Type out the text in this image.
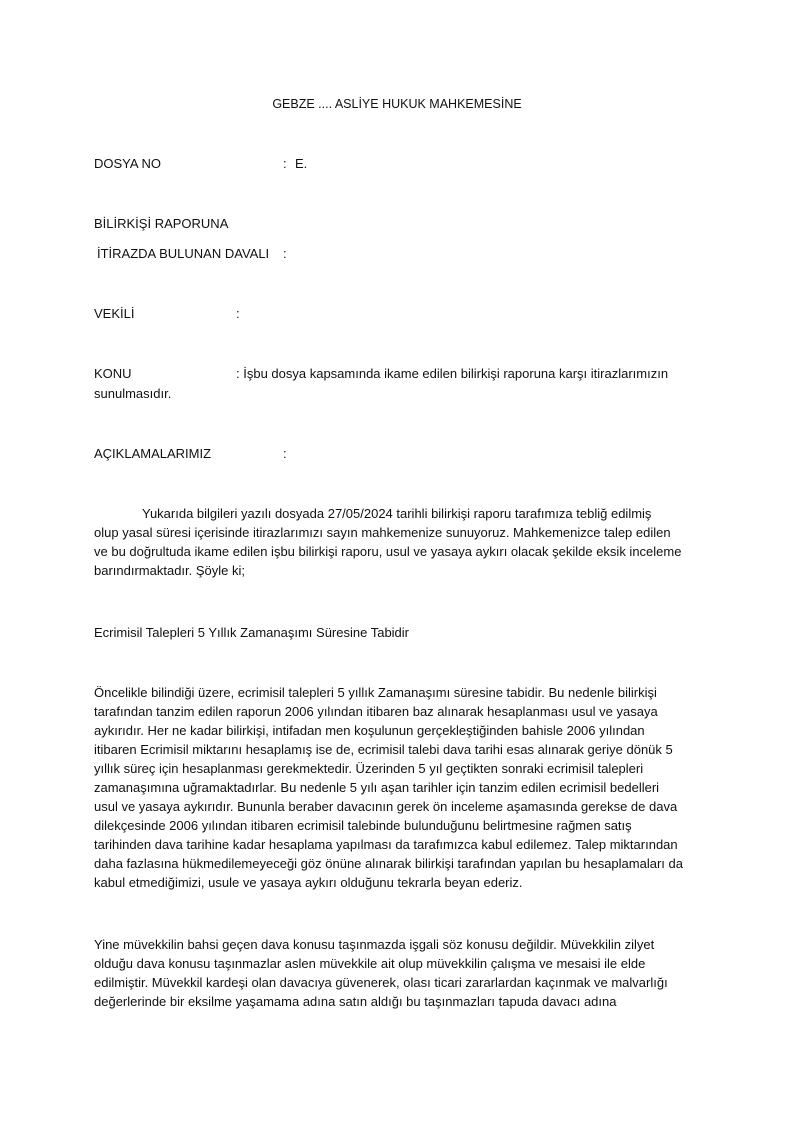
GEBZE .... ASLİYE HUKUK MAHKEMESİNE
DOSYA NO	: E.
BİLİRKİŞİ RAPORUNA
İTİRAZDA BULUNAN DAVALI :
VEKİLİ	:
KONU	: İşbu dosya kapsamında ikame edilen bilirkişi raporuna karşı itirazlarımızın
sunulmasıdır.
AÇIKLAMALARIMIZ	:
Yukarıda bilgileri yazılı dosyada 27/05/2024 tarihli bilirkişi raporu tarafımıza tebliğ edilmiş
olup yasal süresi içerisinde itirazlarımızı sayın mahkemenize sunuyoruz. Mahkemenizce talep edilen
ve bu doğrultuda ikame edilen işbu bilirkişi raporu, usul ve yasaya aykırı olacak şekilde eksik inceleme
barındırmaktadır. Şöyle ki;
Ecrimisil Talepleri 5 Yıllık Zamanaşımı Süresine Tabidir
Öncelikle bilindiği üzere, ecrimisil talepleri 5 yıllık Zamanaşımı süresine tabidir. Bu nedenle bilirkişi
tarafından tanzim edilen raporun 2006 yılından itibaren baz alınarak hesaplanması usul ve yasaya
aykırıdır. Her ne kadar bilirkişi, intifadan men koşulunun gerçekleştiğinden bahisle 2006 yılından
itibaren Ecrimisil miktarını hesaplamış ise de, ecrimisil talebi dava tarihi esas alınarak geriye dönük 5
yıllık süreç için hesaplanması gerekmektedir. Üzerinden 5 yıl geçtikten sonraki ecrimisil talepleri
zamanaşımına uğramaktadırlar. Bu nedenle 5 yılı aşan tarihler için tanzim edilen ecrimisil bedelleri
usul ve yasaya aykırıdır. Bununla beraber davacının gerek ön inceleme aşamasında gerekse de dava
dilekçesinde 2006 yılından itibaren ecrimisil talebinde bulunduğunu belirtmesine rağmen satış
tarihinden dava tarihine kadar hesaplama yapılması da tarafımızca kabul edilemez. Talep miktarından
daha fazlasına hükmedilemeyeceği göz önüne alınarak bilirkişi tarafından yapılan bu hesaplamaları da
kabul etmediğimizi, usule ve yasaya aykırı olduğunu tekrarla beyan ederiz.
Yine müvekkilin bahsi geçen dava konusu taşınmazda işgali söz konusu değildir. Müvekkilin zilyet
olduğu dava konusu taşınmazlar aslen müvekkile ait olup müvekkilin çalışma ve mesaisi ile elde
edilmiştir. Müvekkil kardeşi olan davacıya güvenerek, olası ticari zararlardan kaçınmak ve malvarlığı
değerlerinde bir eksilme yaşamama adına satın aldığı bu taşınmazları tapuda davacı adına
